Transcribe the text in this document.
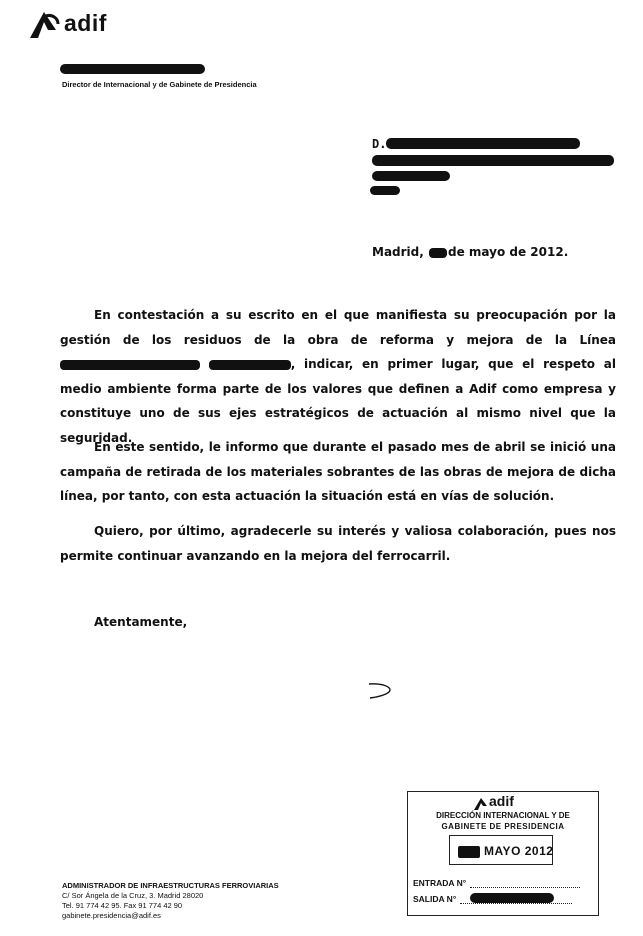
adif
Director de Internacional y de Gabinete de Presidencia
D.
Madrid, de mayo de 2012.
En contestación a su escrito en el que manifiesta su preocupación por la gestión de los residuos de la obra de reforma y mejora de la Línea , indicar, en primer lugar, que el respeto al medio ambiente forma parte de los valores que definen a Adif como empresa y constituye uno de sus ejes estratégicos de actuación al mismo nivel que la seguridad.
En este sentido, le informo que durante el pasado mes de abril se inició una campaña de retirada de los materiales sobrantes de las obras de mejora de dicha línea, por tanto, con esta actuación la situación está en vías de solución.
Quiero, por último, agradecerle su interés y valiosa colaboración, pues nos permite continuar avanzando en la mejora del ferrocarril.
Atentamente,
ADMINISTRADOR DE INFRAESTRUCTURAS FERROVIARIAS
C/ Sor Ángela de la Cruz, 3. Madrid 28020
Tel. 91 774 42 95. Fax 91 774 42 90
gabinete.presidencia@adif.es
adif
DIRECCIÓN INTERNACIONAL Y DE
GABINETE DE PRESIDENCIA
MAYO 2012
ENTRADA N°
SALIDA N°
